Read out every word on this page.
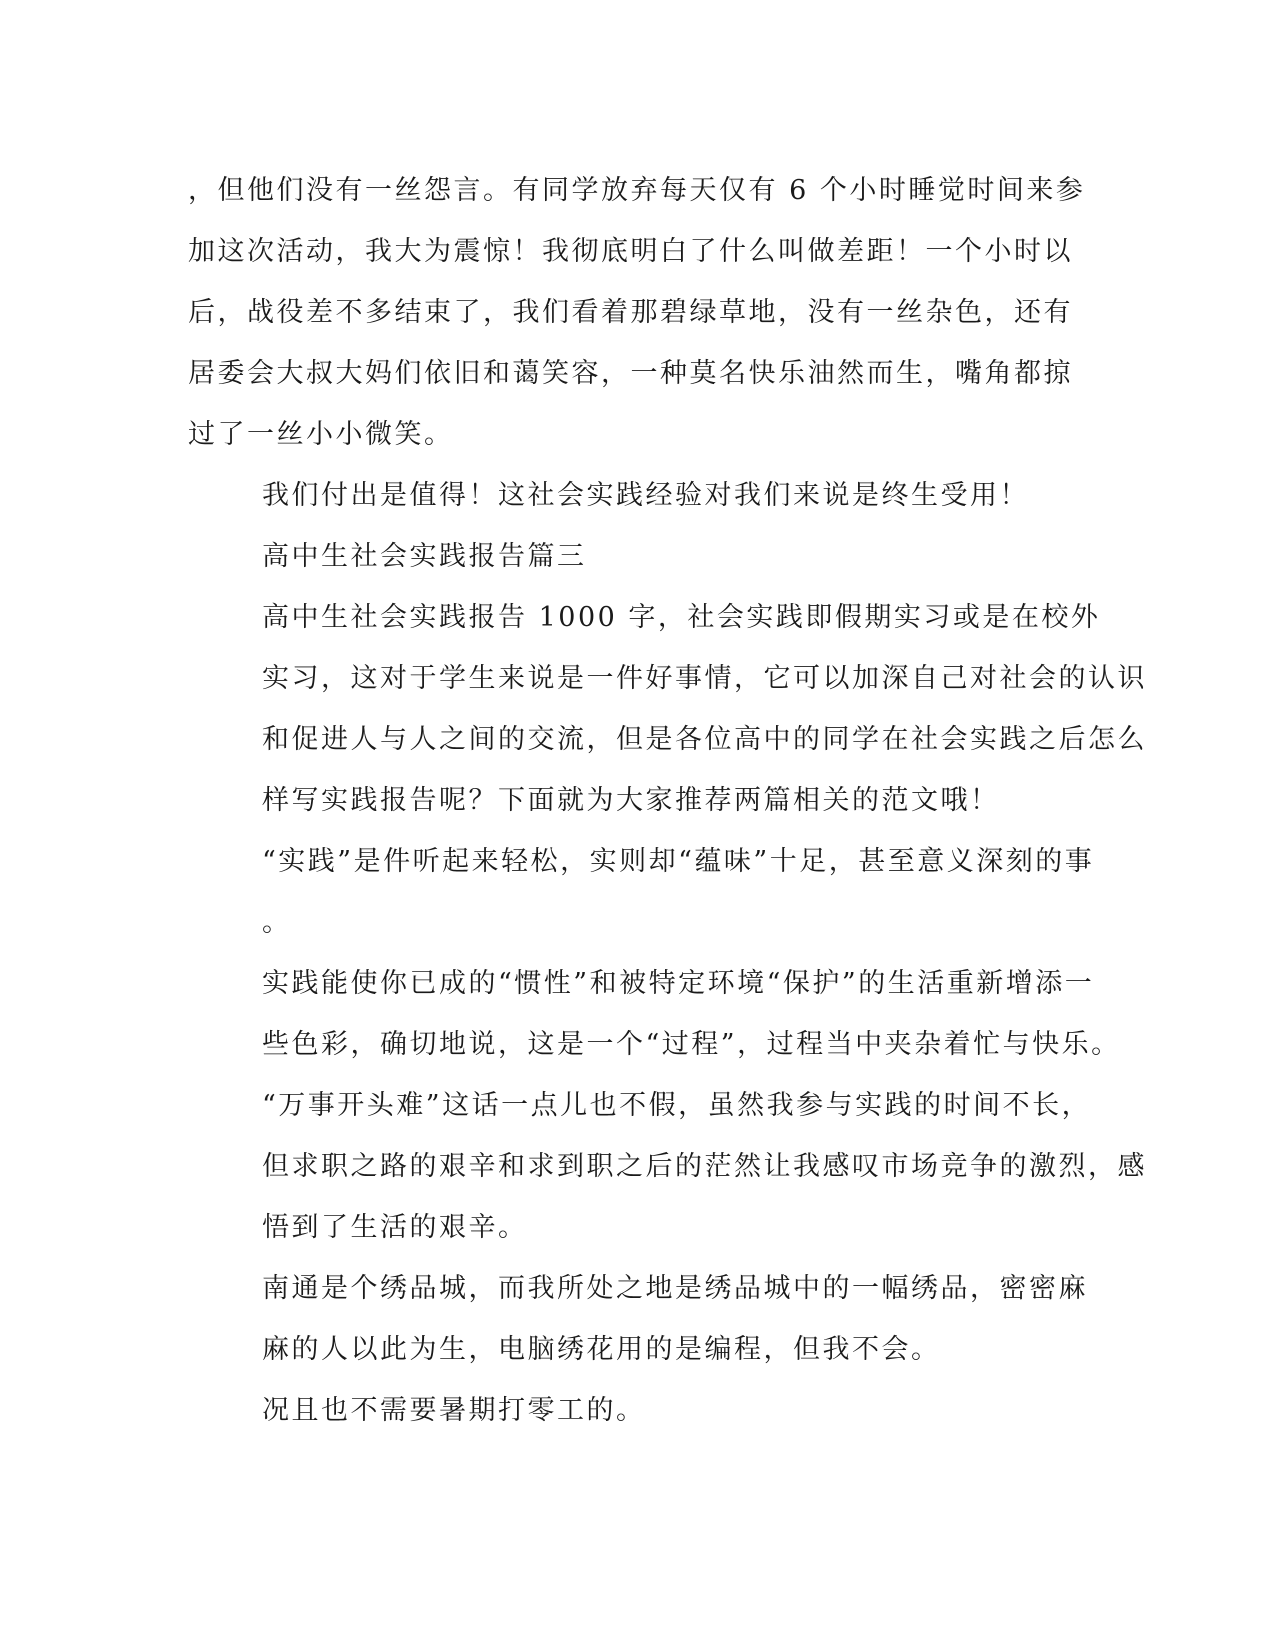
，但他们没有一丝怨言。有同学放弃每天仅有 6 个小时睡觉时间来参
加这次活动，我大为震惊！我彻底明白了什么叫做差距！一个小时以
后，战役差不多结束了，我们看着那碧绿草地，没有一丝杂色，还有
居委会大叔大妈们依旧和蔼笑容，一种莫名快乐油然而生，嘴角都掠
过了一丝小小微笑。

我们付出是值得！这社会实践经验对我们来说是终生受用！

高中生社会实践报告篇三

高中生社会实践报告 1000 字，社会实践即假期实习或是在校外
实习，这对于学生来说是一件好事情，它可以加深自己对社会的认识
和促进人与人之间的交流，但是各位高中的同学在社会实践之后怎么
样写实践报告呢？下面就为大家推荐两篇相关的范文哦！

“实践”是件听起来轻松，实则却“蕴味”十足，甚至意义深刻的事
。

实践能使你已成的“惯性”和被特定环境“保护”的生活重新增添一
些色彩，确切地说，这是一个“过程”，过程当中夹杂着忙与快乐。

“万事开头难”这话一点儿也不假，虽然我参与实践的时间不长，
但求职之路的艰辛和求到职之后的茫然让我感叹市场竞争的激烈，感
悟到了生活的艰辛。

南通是个绣品城，而我所处之地是绣品城中的一幅绣品，密密麻
麻的人以此为生，电脑绣花用的是编程，但我不会。

况且也不需要暑期打零工的。
